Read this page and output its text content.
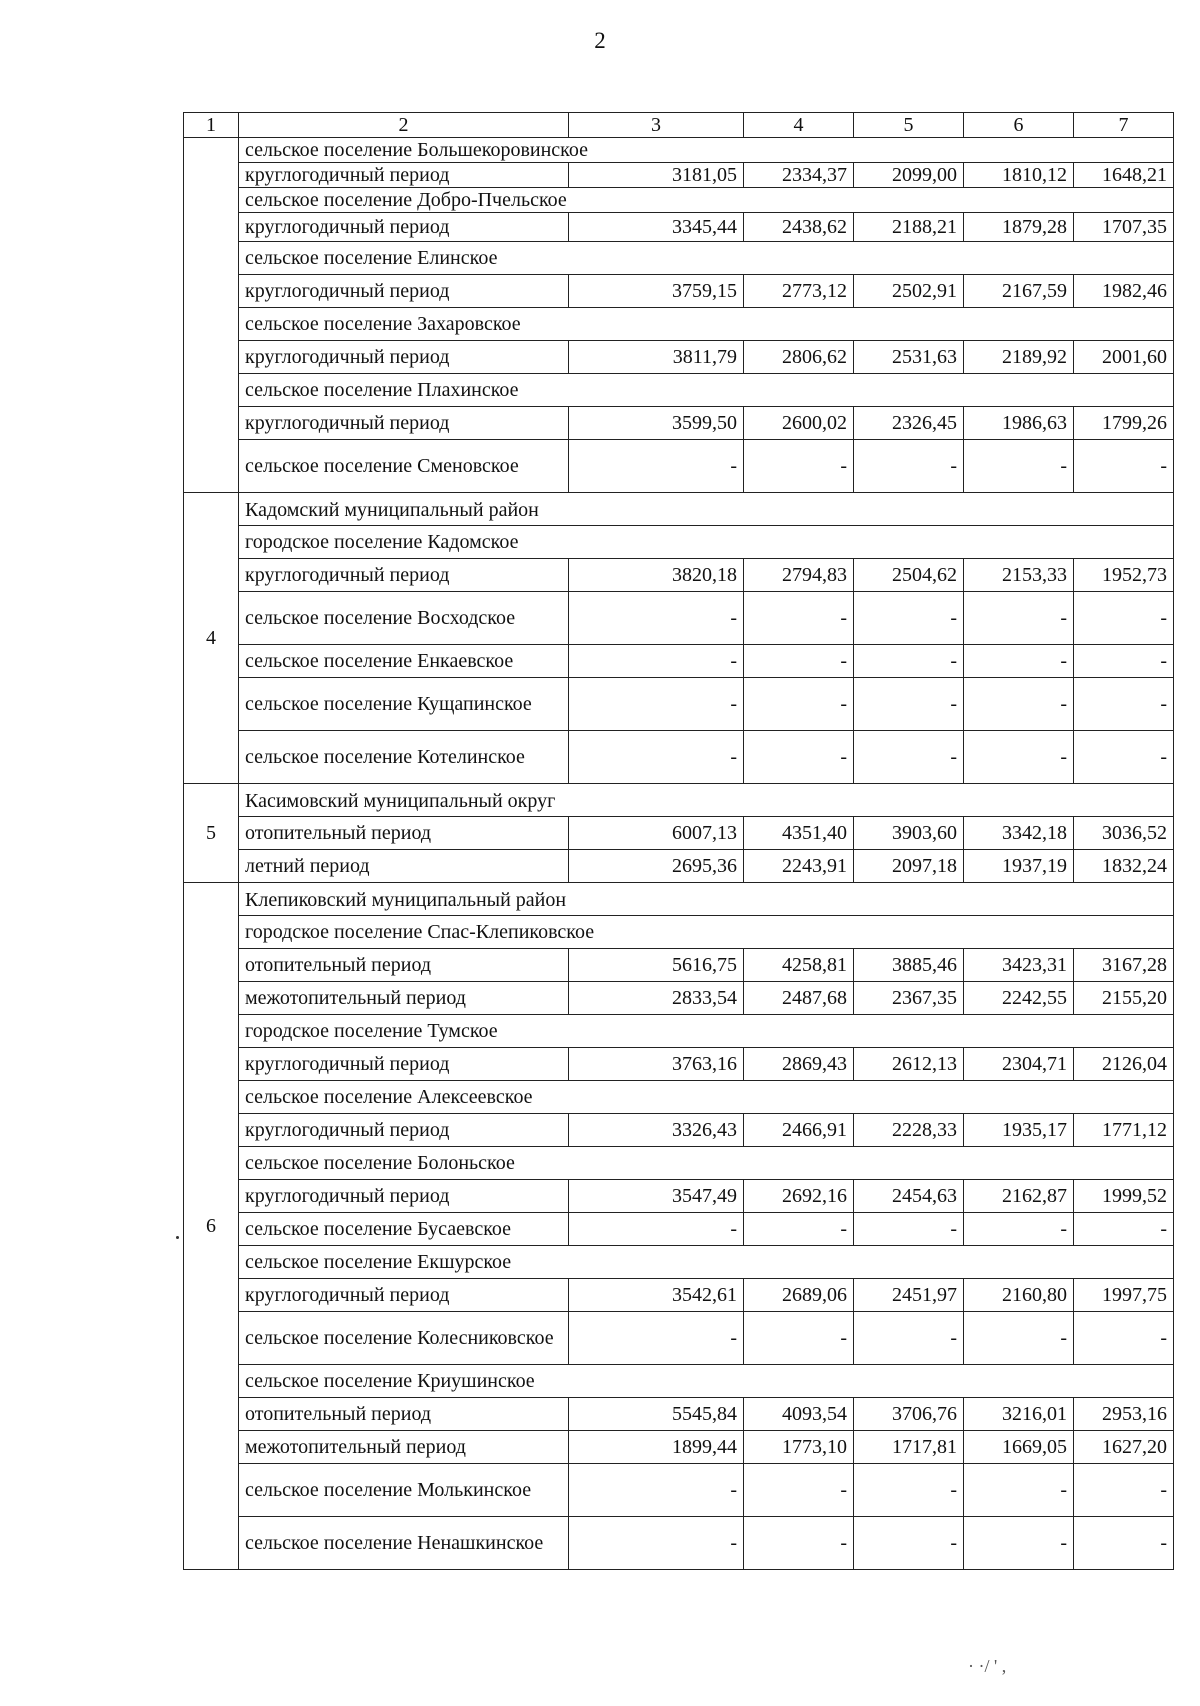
2
· ·/ ' ,
1	2	3	4	5	6	7
	сельское поселение Большекоровинское					
	круглогодичный период	3181,05	2334,37	2099,00	1810,12	1648,21
	сельское поселение Добро-Пчельское					
	круглогодичный период	3345,44	2438,62	2188,21	1879,28	1707,35
	сельское поселение Елинское					
	круглогодичный период	3759,15	2773,12	2502,91	2167,59	1982,46
	сельское поселение Захаровское					
	круглогодичный период	3811,79	2806,62	2531,63	2189,92	2001,60
	сельское поселение Плахинское					
	круглогодичный период	3599,50	2600,02	2326,45	1986,63	1799,26
	сельское поселение Сменовское	-	-	-	-	-
4	Кадомский муниципальный район					
	городское поселение Кадомское					
	круглогодичный период	3820,18	2794,83	2504,62	2153,33	1952,73
	сельское поселение Восходское	-	-	-	-	-
	сельское поселение Енкаевское	-	-	-	-	-
	сельское поселение Кущапинское	-	-	-	-	-
	сельское поселение Котелинское	-	-	-	-	-
5	Касимовский муниципальный округ					
	отопительный период	6007,13	4351,40	3903,60	3342,18	3036,52
	летний период	2695,36	2243,91	2097,18	1937,19	1832,24
6	Клепиковский муниципальный район					
	городское поселение Спас-Клепиковское					
	отопительный период	5616,75	4258,81	3885,46	3423,31	3167,28
	межотопительный период	2833,54	2487,68	2367,35	2242,55	2155,20
	городское поселение Тумское					
	круглогодичный период	3763,16	2869,43	2612,13	2304,71	2126,04
	сельское поселение Алексеевское					
	круглогодичный период	3326,43	2466,91	2228,33	1935,17	1771,12
	сельское поселение Болоньское					
	круглогодичный период	3547,49	2692,16	2454,63	2162,87	1999,52
	сельское поселение Бусаевское	-	-	-	-	-
	сельское поселение Екшурское					
	круглогодичный период	3542,61	2689,06	2451,97	2160,80	1997,75
	сельское поселение Колесниковское	-	-	-	-	-
	сельское поселение Криушинское					
	отопительный период	5545,84	4093,54	3706,76	3216,01	2953,16
	межотопительный период	1899,44	1773,10	1717,81	1669,05	1627,20
	сельское поселение Молькинское	-	-	-	-	-
	сельское поселение Ненашкинское	-	-	-	-	-
